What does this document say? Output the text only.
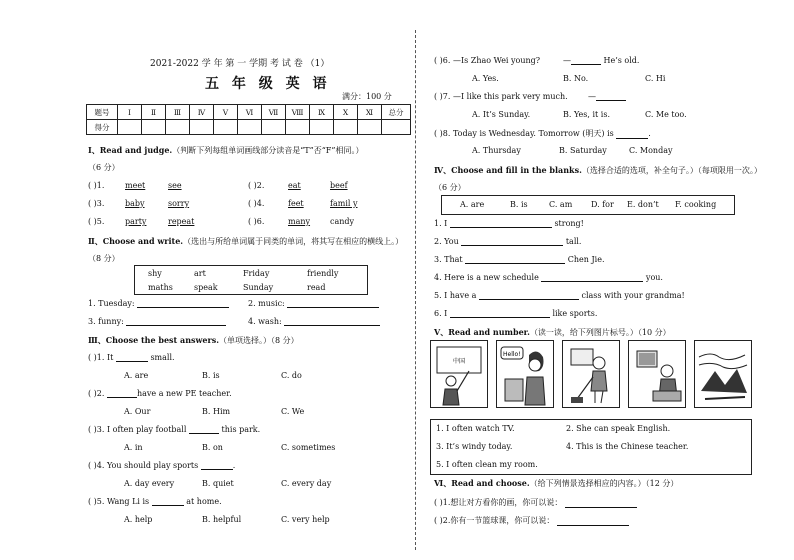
2021-2022 学 年 第 一 学期 考 试 卷 （1）
五 年 级 英 语
满分：100 分
题号	Ⅰ	Ⅱ	Ⅲ	Ⅳ	Ⅴ	Ⅵ	Ⅶ	Ⅷ	Ⅸ	Ⅹ	Ⅺ	总分
得分												
Ⅰ、Read and judge.（判断下列每组单词画线部分读音是“T”否“F”相同。）
（6 分）
( )1.	meet	see	( )2.	eat	beef
( )3.	baby	sorry	( )4.	feet	famil y
( )5.	party	repeat	( )6.	many candy
Ⅱ、Choose and write.（选出与所给单词属于同类的单词，将其写在相应的横线上。）
（8 分）
shy	art	Friday	friendly
maths	speak	Sunday	read
1. Tuesday:	2. music:
3. funny:	4. wash:
Ⅲ、Choose the best answers.（单项选择。）（8 分）
( )1. It	small.
A. are	B. is	C. do
( )2.	have a new PE teacher.
A. Our	B. Him	C. We
( )3. I often play football	this park.
A. in	B. on	C. sometimes
( )4. You should play sports	.
A. day every	B. quiet	C. every day
( )5. Wang Li is	at home.
A. help	B. helpful	C. very help
( )6. —Is Zhao Wei young?	—	He’s old.
A. Yes.	B. No.	C. Hi
( )7. —I like this park very much.	—
A. It’s Sunday.	B. Yes, it is.	C. Me too.
( )8. Today is Wednesday. Tomorrow (明天) is	.
A. Thursday	B. Saturday	C. Monday
Ⅳ、Choose and fill in the blanks.（选择合适的选项，补全句子。）（每项限用一次。）
（6 分）
A. are	B. is	C. am D. for E. don’t F. cooking
1. I	strong!
2. You	tall.
3. That	Chen Jie.
4. Here is a new schedule	you.
5. I have a	class with your grandma!
6. I	like sports.
Ⅴ、Read and number.（读一读，给下列图片标号。）（10 分）
中国
Hello!
1. I often watch TV.	2. She can speak English.
3. It’s windy today.	4. This is the Chinese teacher.
5. I often clean my room.
Ⅵ、Read and choose.（给下列情景选择相应的内容。）（12 分）
( )1.想让对方看你的画，你可以说：
( )2.你有一节篮球课，你可以说：
